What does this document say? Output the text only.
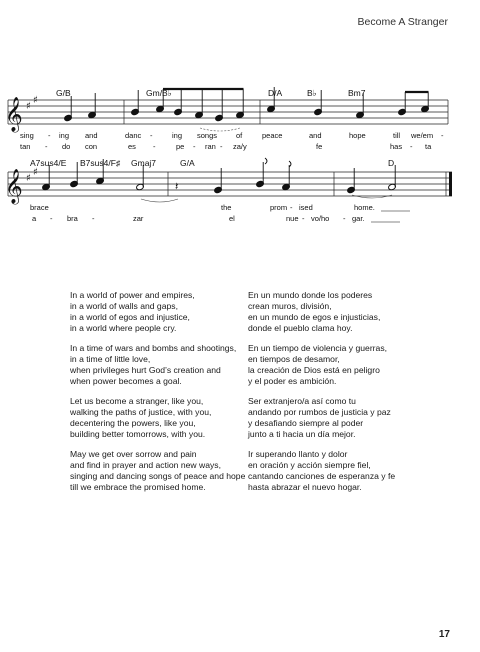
Become A Stranger
𝄞 ♯
♯
G/B	Gm/B♭	D/A	B♭	Bm7
sing - ing and	danc -	ing songs	of	peace	and	hope	till we/em -
tan - do con	es -	pe - ran - za/y	fe	has - ta
𝄞 ♯
♯
𝄽
A7sus4/E B7sus4/F♯ Gmaj7	G/A	D
brace	the	prom - ised	home.
a - bra -	zar	el	nue - vo/ho - gar.
In a world of power and empires,
in a world of walls and gaps,
in a world of egos and injustice,
in a world where people cry.
In a time of wars and bombs and shootings,
in a time of little love,
when privileges hurt God’s creation and
when power becomes a goal.
Let us become a stranger, like you,
walking the paths of justice, with you,
decentering the powers, like you,
building better tomorrows, with you.
May we get over sorrow and pain
and find in prayer and action new ways,
singing and dancing songs of peace and hope
till we embrace the promised home.
En un mundo donde los poderes
crean muros, división,
en un mundo de egos e injusticias,
donde el pueblo clama hoy.
En un tiempo de violencia y guerras,
en tiempos de desamor,
la creación de Dios está en peligro
y el poder es ambición.
Ser extranjero/a así como tu
andando por rumbos de justicia y paz
y desafiando siempre al poder
junto a ti hacia un día mejor.
Ir superando llanto y dolor
en oración y acción siempre fiel,
cantando canciones de esperanza y fe
hasta abrazar el nuevo hogar.
17
